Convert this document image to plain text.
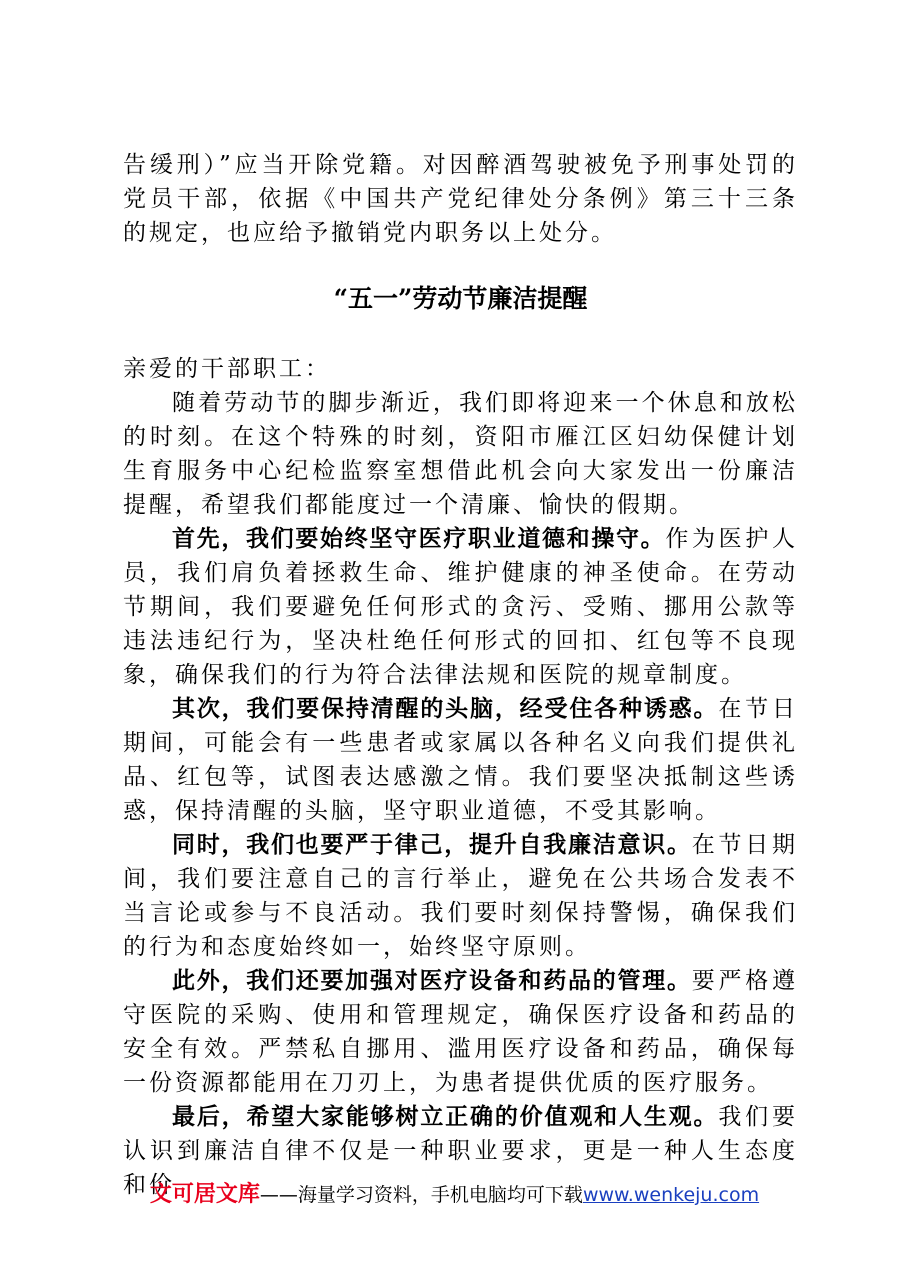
告缓刑）”应当开除党籍。对因醉酒驾驶被免予刑事处罚的党员干部，依据《中国共产党纪律处分条例》第三十三条的规定，也应给予撤销党内职务以上处分。

“五一”劳动节廉洁提醒

亲爱的干部职工：

随着劳动节的脚步渐近，我们即将迎来一个休息和放松的时刻。在这个特殊的时刻，资阳市雁江区妇幼保健计划生育服务中心纪检监察室想借此机会向大家发出一份廉洁提醒，希望我们都能度过一个清廉、愉快的假期。

首先，我们要始终坚守医疗职业道德和操守。作为医护人员，我们肩负着拯救生命、维护健康的神圣使命。在劳动节期间，我们要避免任何形式的贪污、受贿、挪用公款等违法违纪行为，坚决杜绝任何形式的回扣、红包等不良现象，确保我们的行为符合法律法规和医院的规章制度。

其次，我们要保持清醒的头脑，经受住各种诱惑。在节日期间，可能会有一些患者或家属以各种名义向我们提供礼品、红包等，试图表达感激之情。我们要坚决抵制这些诱惑，保持清醒的头脑，坚守职业道德，不受其影响。

同时，我们也要严于律己，提升自我廉洁意识。在节日期间，我们要注意自己的言行举止，避免在公共场合发表不当言论或参与不良活动。我们要时刻保持警惕，确保我们的行为和态度始终如一，始终坚守原则。

此外，我们还要加强对医疗设备和药品的管理。要严格遵守医院的采购、使用和管理规定，确保医疗设备和药品的安全有效。严禁私自挪用、滥用医疗设备和药品，确保每一份资源都能用在刀刃上，为患者提供优质的医疗服务。

最后，希望大家能够树立正确的价值观和人生观。我们要认识到廉洁自律不仅是一种职业要求，更是一种人生态度和价

文可居文库——海量学习资料，手机电脑均可下载www.wenkeju.com
